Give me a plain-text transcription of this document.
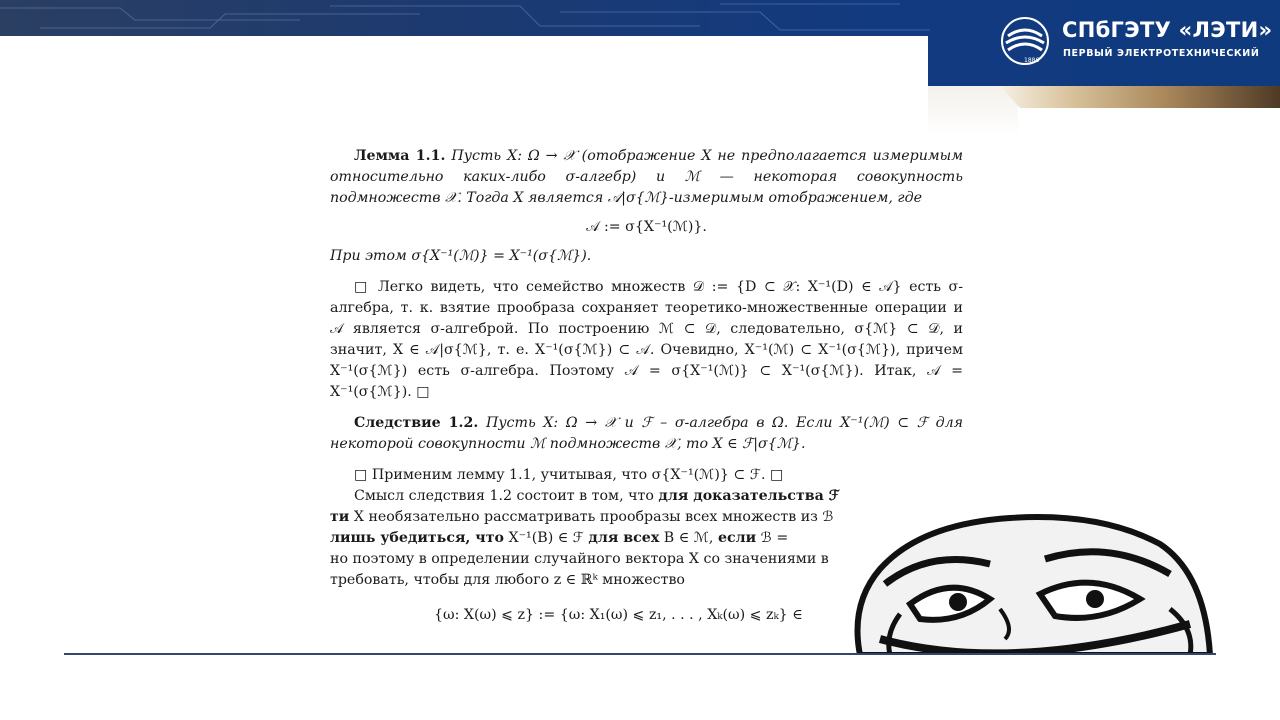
1886
СПбГЭТУ «ЛЭТИ»
ПЕРВЫЙ ЭЛЕКТРОТЕХНИЧЕСКИЙ

Лемма 1.1. Пусть X: Ω → 𝒳 (отображение X не предполагается измеримым относительно каких-либо σ-алгебр) и ℳ — некоторая совокупность подмножеств 𝒳. Тогда X является 𝒜|σ{ℳ}-измеримым отображением, где

𝒜 := σ{X⁻¹(ℳ)}.

При этом σ{X⁻¹(ℳ)} = X⁻¹(σ{ℳ}).

□ Легко видеть, что семейство множеств 𝒟 := {D ⊂ 𝒳: X⁻¹(D) ∈ 𝒜} есть σ-алгебра, т. к. взятие прообраза сохраняет теоретико-множественные операции и 𝒜 является σ-алгеброй. По построению ℳ ⊂ 𝒟, следовательно, σ{ℳ} ⊂ 𝒟, и значит, X ∈ 𝒜|σ{ℳ}, т. е. X⁻¹(σ{ℳ}) ⊂ 𝒜. Очевидно, X⁻¹(ℳ) ⊂ X⁻¹(σ{ℳ}), причем X⁻¹(σ{ℳ}) есть σ-алгебра. Поэтому 𝒜 = σ{X⁻¹(ℳ)} ⊂ X⁻¹(σ{ℳ}). Итак, 𝒜 = X⁻¹(σ{ℳ}). □

Следствие 1.2. Пусть X: Ω → 𝒳 и ℱ – σ-алгебра в Ω. Если X⁻¹(ℳ) ⊂ ℱ для некоторой совокупности ℳ подмножеств 𝒳, то X ∈ ℱ|σ{ℳ}.

□ Применим лемму 1.1, учитывая, что σ{X⁻¹(ℳ)} ⊂ ℱ. □

Смысл следствия 1.2 состоит в том, что для доказательства ℱ

ти X необязательно рассматривать прообразы всех множеств из ℬ

лишь убедиться, что X⁻¹(B) ∈ ℱ для всех B ∈ ℳ, если ℬ =

но поэтому в определении случайного вектора X со значениями в

требовать, чтобы для любого z ∈ ℝᵏ множество

{ω: X(ω) ⩽ z} := {ω: X₁(ω) ⩽ z₁, . . . , Xₖ(ω) ⩽ zₖ} ∈
